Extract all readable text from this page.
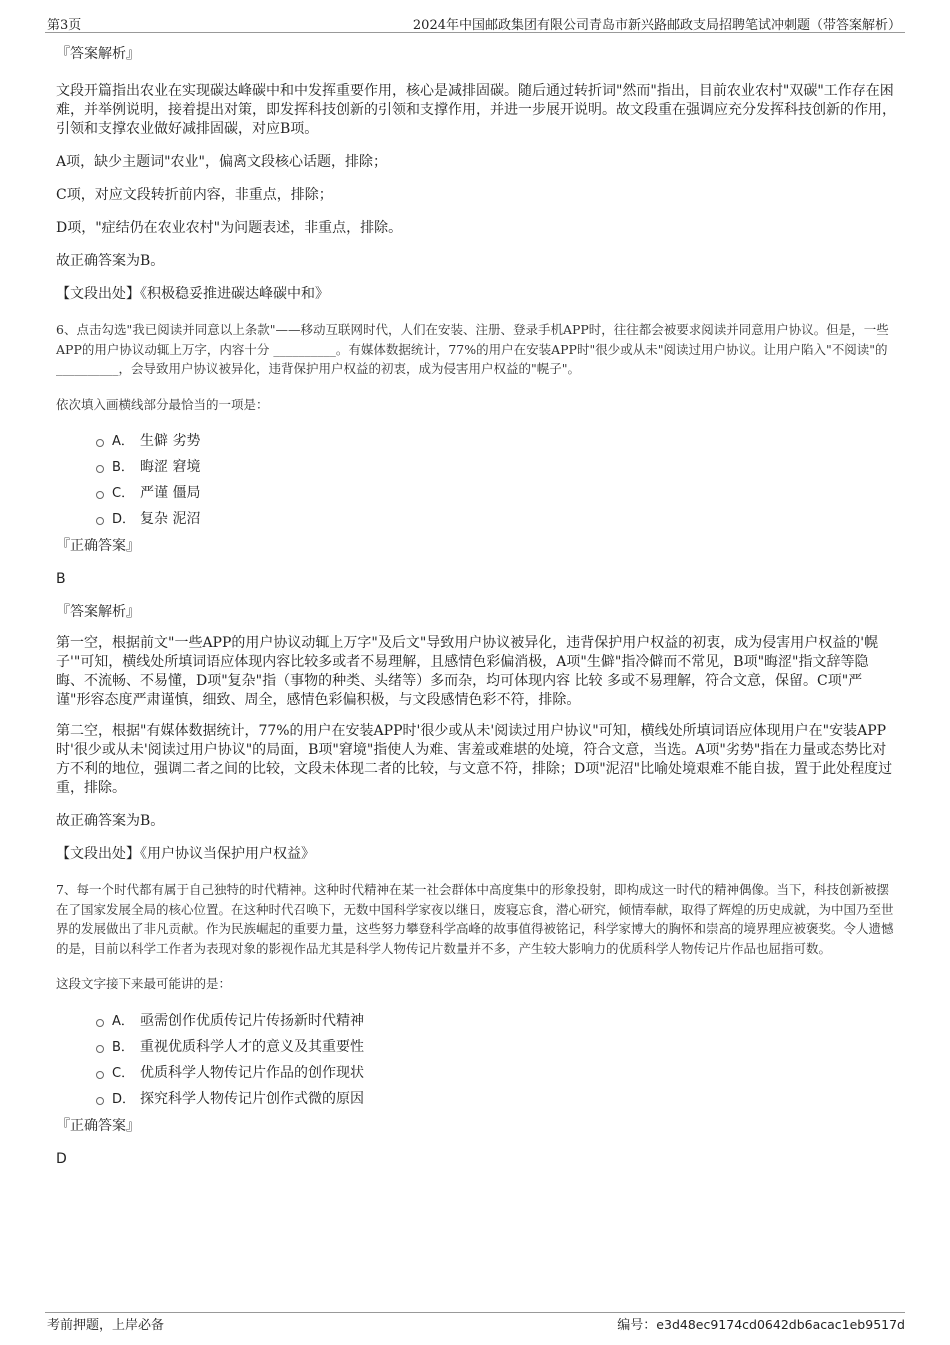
第3页	2024年中国邮政集团有限公司青岛市新兴路邮政支局招聘笔试冲刺题（带答案解析）

『答案解析』

文段开篇指出农业在实现碳达峰碳中和中发挥重要作用，核心是减排固碳。随后通过转折词"然而"指出，目前农业农村"双碳"工作存在困难，并举例说明，接着提出对策，即发挥科技创新的引领和支撑作用，并进一步展开说明。故文段重在强调应充分发挥科技创新的作用，引领和支撑农业做好减排固碳，对应B项。

A项，缺少主题词"农业"，偏离文段核心话题，排除；

C项，对应文段转折前内容，非重点，排除；

D项，"症结仍在农业农村"为问题表述，非重点，排除。

故正确答案为B。

【文段出处】《积极稳妥推进碳达峰碳中和》

6、点击勾选"我已阅读并同意以上条款"——移动互联网时代，人们在安装、注册、登录手机APP时，往往都会被要求阅读并同意用户协议。但是，一些APP的用户协议动辄上万字，内容十分 __________。有媒体数据统计，77%的用户在安装APP时"很少或从未"阅读过用户协议。让用户陷入"不阅读"的 __________，会导致用户协议被异化，违背保护用户权益的初衷，成为侵害用户权益的"幌子"。

依次填入画横线部分最恰当的一项是：

A． 生僻 劣势
B． 晦涩 窘境
C． 严谨 僵局
D． 复杂 泥沼

『正确答案』

B

『答案解析』

第一空，根据前文"一些APP的用户协议动辄上万字"及后文"导致用户协议被异化，违背保护用户权益的初衷，成为侵害用户权益的'幌子'"可知，横线处所填词语应体现内容比较多或者不易理解，且感情色彩偏消极，A项"生僻"指冷僻而不常见，B项"晦涩"指文辞等隐晦、不流畅、不易懂，D项"复杂"指（事物的种类、头绪等）多而杂，均可体现内容 比较 多或不易理解，符合文意，保留。C项"严谨"形容态度严肃谨慎，细致、周全，感情色彩偏积极，与文段感情色彩不符，排除。

第二空，根据"有媒体数据统计，77%的用户在安装APP时'很少或从未'阅读过用户协议"可知，横线处所填词语应体现用户在"安装APP时'很少或从未'阅读过用户协议"的局面，B项"窘境"指使人为难、害羞或难堪的处境，符合文意，当选。A项"劣势"指在力量或态势比对方不利的地位，强调二者之间的比较，文段未体现二者的比较，与文意不符，排除；D项"泥沼"比喻处境艰难不能自拔，置于此处程度过重，排除。

故正确答案为B。

【文段出处】《用户协议当保护用户权益》

7、每一个时代都有属于自己独特的时代精神。这种时代精神在某一社会群体中高度集中的形象投射，即构成这一时代的精神偶像。当下，科技创新被摆在了国家发展全局的核心位置。在这种时代召唤下，无数中国科学家夜以继日，废寝忘食，潜心研究，倾情奉献，取得了辉煌的历史成就，为中国乃至世界的发展做出了非凡贡献。作为民族崛起的重要力量，这些努力攀登科学高峰的故事值得被铭记，科学家博大的胸怀和崇高的境界理应被褒奖。令人遗憾的是，目前以科学工作者为表现对象的影视作品尤其是科学人物传记片数量并不多，产生较大影响力的优质科学人物传记片作品也屈指可数。

这段文字接下来最可能讲的是：

A． 亟需创作优质传记片传扬新时代精神
B． 重视优质科学人才的意义及其重要性
C． 优质科学人物传记片作品的创作现状
D． 探究科学人物传记片创作式微的原因

『正确答案』

D

考前押题，上岸必备	编号：e3d48ec9174cd0642db6acac1eb9517d
